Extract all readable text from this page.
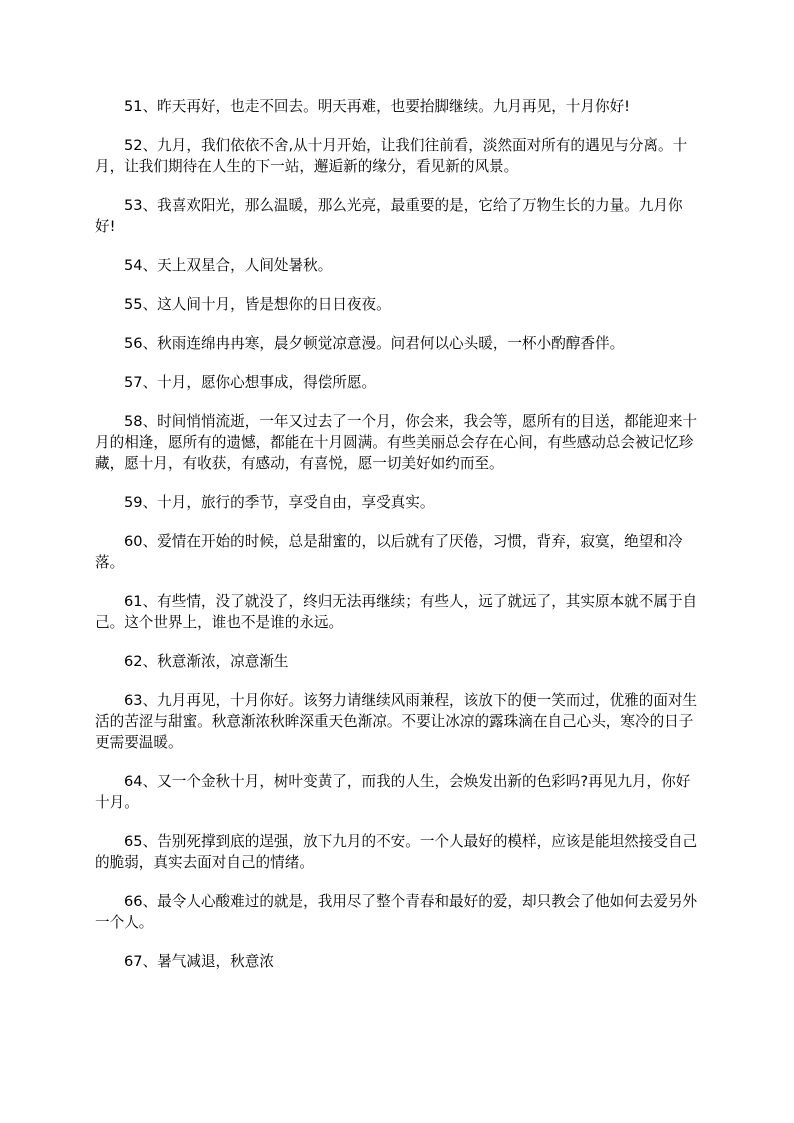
51、昨天再好，也走不回去。明天再难，也要抬脚继续。九月再见，十月你好!

52、九月，我们依依不舍,从十月开始，让我们往前看，淡然面对所有的遇见与分离。十月，让我们期待在人生的下一站，邂逅新的缘分，看见新的风景。

53、我喜欢阳光，那么温暖，那么光亮，最重要的是，它给了万物生长的力量。九月你好!

54、天上双星合，人间处暑秋。

55、这人间十月，皆是想你的日日夜夜。

56、秋雨连绵冉冉寒，晨夕顿觉凉意漫。问君何以心头暖，一杯小酌醇香伴。

57、十月，愿你心想事成，得偿所愿。

58、时间悄悄流逝，一年又过去了一个月，你会来，我会等，愿所有的目送，都能迎来十月的相逢，愿所有的遗憾，都能在十月圆满。有些美丽总会存在心间，有些感动总会被记忆珍藏，愿十月，有收获，有感动，有喜悦，愿一切美好如约而至。

59、十月，旅行的季节，享受自由，享受真实。

60、爱情在开始的时候，总是甜蜜的，以后就有了厌倦，习惯，背弃，寂寞，绝望和冷落。

61、有些情，没了就没了，终归无法再继续；有些人，远了就远了，其实原本就不属于自己。这个世界上，谁也不是谁的永远。

62、秋意渐浓，凉意渐生

63、九月再见，十月你好。该努力请继续风雨兼程，该放下的便一笑而过，优雅的面对生活的苦涩与甜蜜。秋意渐浓秋眸深重天色渐凉。不要让冰凉的露珠滴在自己心头，寒冷的日子更需要温暖。

64、又一个金秋十月，树叶变黄了，而我的人生，会焕发出新的色彩吗?再见九月，你好十月。

65、告别死撑到底的逞强，放下九月的不安。一个人最好的模样，应该是能坦然接受自己的脆弱，真实去面对自己的情绪。

66、最令人心酸难过的就是，我用尽了整个青春和最好的爱，却只教会了他如何去爱另外一个人。

67、暑气减退，秋意浓
